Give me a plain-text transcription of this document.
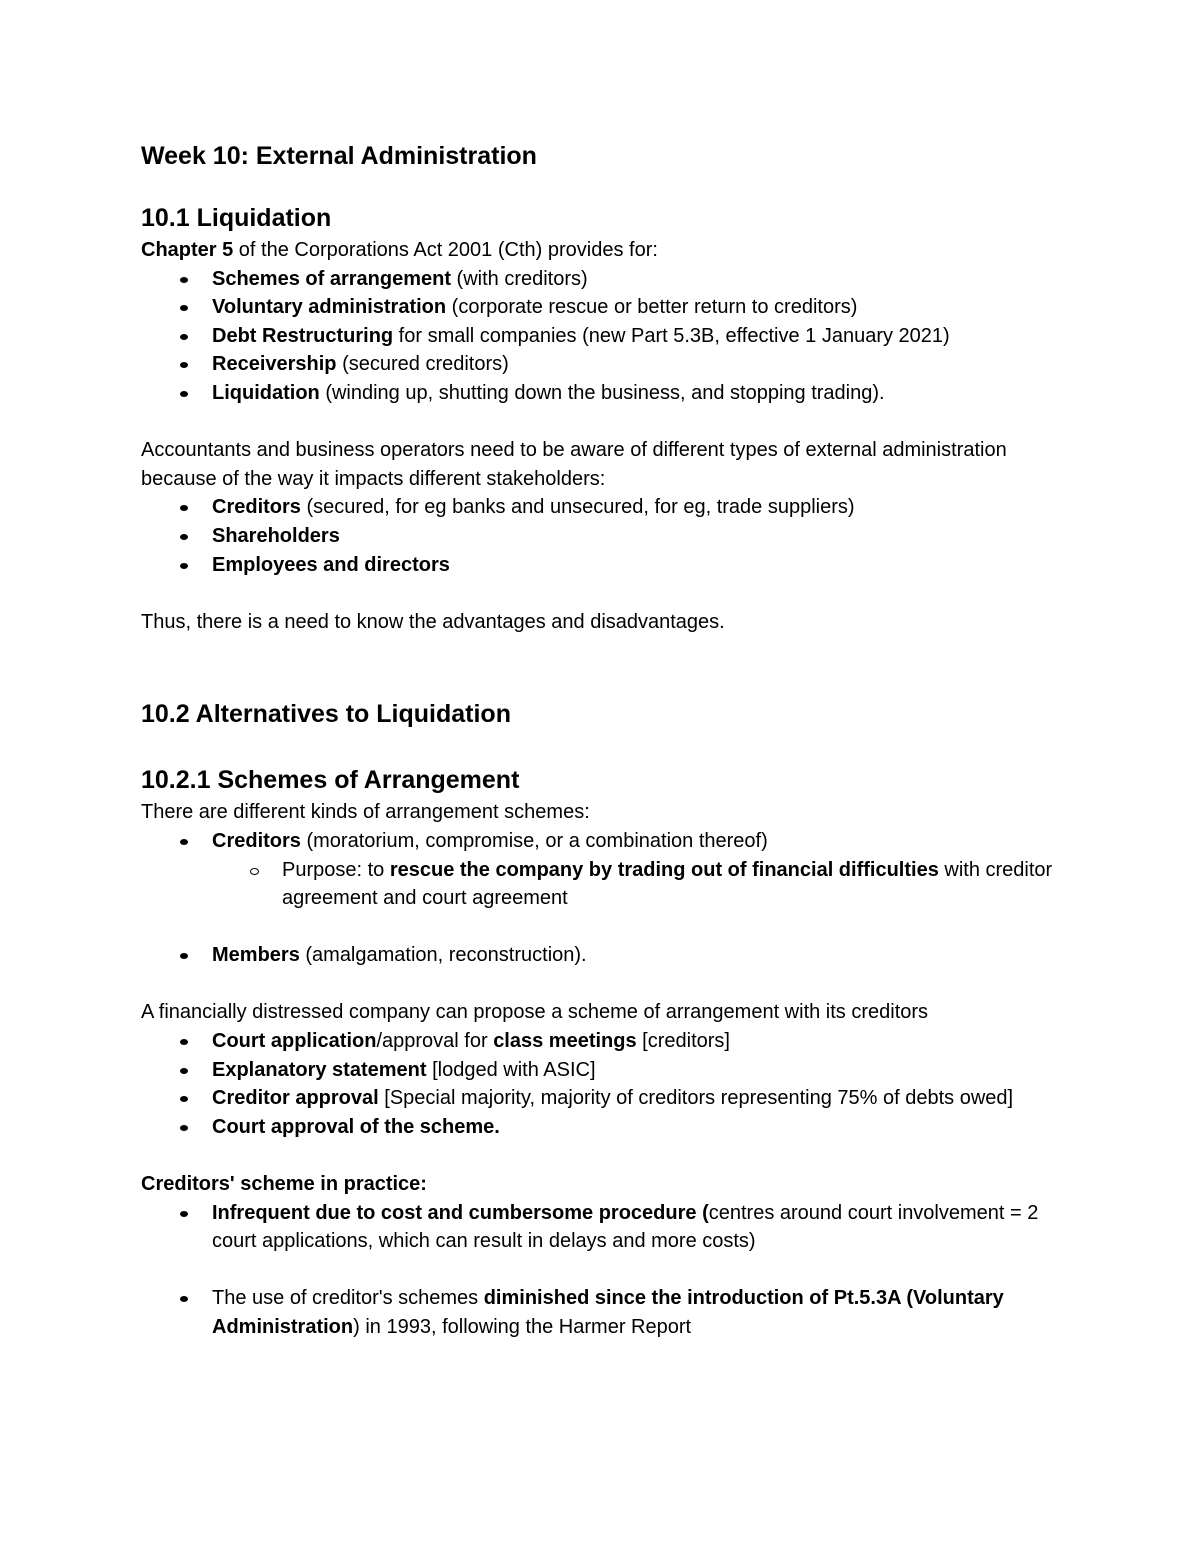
Week 10: External Administration
10.1 Liquidation

Chapter 5 of the Corporations Act 2001 (Cth) provides for:

Schemes of arrangement (with creditors)
Voluntary administration (corporate rescue or better return to creditors)
Debt Restructuring for small companies (new Part 5.3B, effective 1 January 2021)
Receivership (secured creditors)
Liquidation (winding up, shutting down the business, and stopping trading).

Accountants and business operators need to be aware of different types of external administration because of the way it impacts different stakeholders:

Creditors (secured, for eg banks and unsecured, for eg, trade suppliers)
Shareholders
Employees and directors

Thus, there is a need to know the advantages and disadvantages.

10.2 Alternatives to Liquidation
10.2.1 Schemes of Arrangement

There are different kinds of arrangement schemes:

Creditors (moratorium, compromise, or a combination thereof)
Purpose: to rescue the company by trading out of financial difficulties with creditor agreement and court agreement
Members (amalgamation, reconstruction).

A financially distressed company can propose a scheme of arrangement with its creditors

Court application/approval for class meetings [creditors]
Explanatory statement [lodged with ASIC]
Creditor approval [Special majority, majority of creditors representing 75% of debts owed]
Court approval of the scheme.

Creditors' scheme in practice:

Infrequent due to cost and cumbersome procedure (centres around court involvement = 2 court applications, which can result in delays and more costs)
The use of creditor's schemes diminished since the introduction of Pt.5.3A (Voluntary Administration) in 1993, following the Harmer Report
